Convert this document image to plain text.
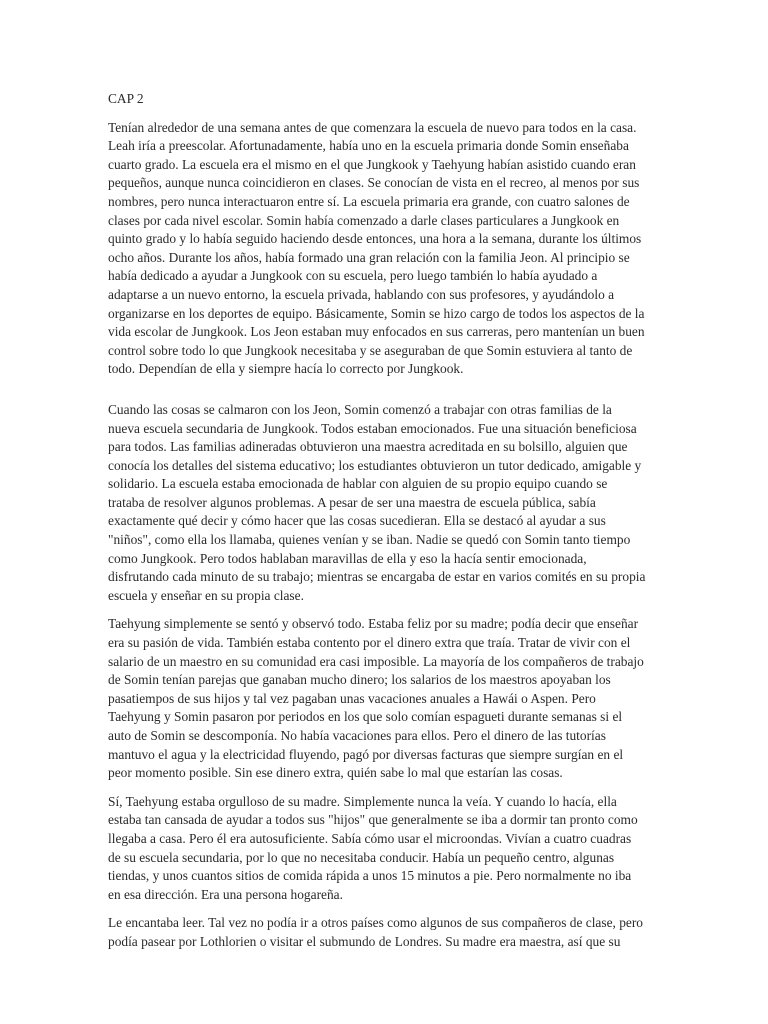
CAP 2
Tenían alrededor de una semana antes de que comenzara la escuela de nuevo para todos en la casa.
Leah iría a preescolar. Afortunadamente, había uno en la escuela primaria donde Somin enseñaba
cuarto grado. La escuela era el mismo en el que Jungkook y Taehyung habían asistido cuando eran
pequeños, aunque nunca coincidieron en clases. Se conocían de vista en el recreo, al menos por sus
nombres, pero nunca interactuaron entre sí. La escuela primaria era grande, con cuatro salones de
clases por cada nivel escolar. Somin había comenzado a darle clases particulares a Jungkook en
quinto grado y lo había seguido haciendo desde entonces, una hora a la semana, durante los últimos
ocho años. Durante los años, había formado una gran relación con la familia Jeon. Al principio se
había dedicado a ayudar a Jungkook con su escuela, pero luego también lo había ayudado a
adaptarse a un nuevo entorno, la escuela privada, hablando con sus profesores, y ayudándolo a
organizarse en los deportes de equipo. Básicamente, Somin se hizo cargo de todos los aspectos de la
vida escolar de Jungkook. Los Jeon estaban muy enfocados en sus carreras, pero mantenían un buen
control sobre todo lo que Jungkook necesitaba y se aseguraban de que Somin estuviera al tanto de
todo. Dependían de ella y siempre hacía lo correcto por Jungkook.
Cuando las cosas se calmaron con los Jeon, Somin comenzó a trabajar con otras familias de la
nueva escuela secundaria de Jungkook. Todos estaban emocionados. Fue una situación beneficiosa
para todos. Las familias adineradas obtuvieron una maestra acreditada en su bolsillo, alguien que
conocía los detalles del sistema educativo; los estudiantes obtuvieron un tutor dedicado, amigable y
solidario. La escuela estaba emocionada de hablar con alguien de su propio equipo cuando se
trataba de resolver algunos problemas. A pesar de ser una maestra de escuela pública, sabía
exactamente qué decir y cómo hacer que las cosas sucedieran. Ella se destacó al ayudar a sus
"niños", como ella los llamaba, quienes venían y se iban. Nadie se quedó con Somin tanto tiempo
como Jungkook. Pero todos hablaban maravillas de ella y eso la hacía sentir emocionada,
disfrutando cada minuto de su trabajo; mientras se encargaba de estar en varios comités en su propia
escuela y enseñar en su propia clase.
Taehyung simplemente se sentó y observó todo. Estaba feliz por su madre; podía decir que enseñar
era su pasión de vida. También estaba contento por el dinero extra que traía. Tratar de vivir con el
salario de un maestro en su comunidad era casi imposible. La mayoría de los compañeros de trabajo
de Somin tenían parejas que ganaban mucho dinero; los salarios de los maestros apoyaban los
pasatiempos de sus hijos y tal vez pagaban unas vacaciones anuales a Hawái o Aspen. Pero
Taehyung y Somin pasaron por periodos en los que solo comían espagueti durante semanas si el
auto de Somin se descomponía. No había vacaciones para ellos. Pero el dinero de las tutorías
mantuvo el agua y la electricidad fluyendo, pagó por diversas facturas que siempre surgían en el
peor momento posible. Sin ese dinero extra, quién sabe lo mal que estarían las cosas.
Sí, Taehyung estaba orgulloso de su madre. Simplemente nunca la veía. Y cuando lo hacía, ella
estaba tan cansada de ayudar a todos sus "hijos" que generalmente se iba a dormir tan pronto como
llegaba a casa. Pero él era autosuficiente. Sabía cómo usar el microondas. Vivían a cuatro cuadras
de su escuela secundaria, por lo que no necesitaba conducir. Había un pequeño centro, algunas
tiendas, y unos cuantos sitios de comida rápida a unos 15 minutos a pie. Pero normalmente no iba
en esa dirección. Era una persona hogareña.
Le encantaba leer. Tal vez no podía ir a otros países como algunos de sus compañeros de clase, pero
podía pasear por Lothlorien o visitar el submundo de Londres. Su madre era maestra, así que su
